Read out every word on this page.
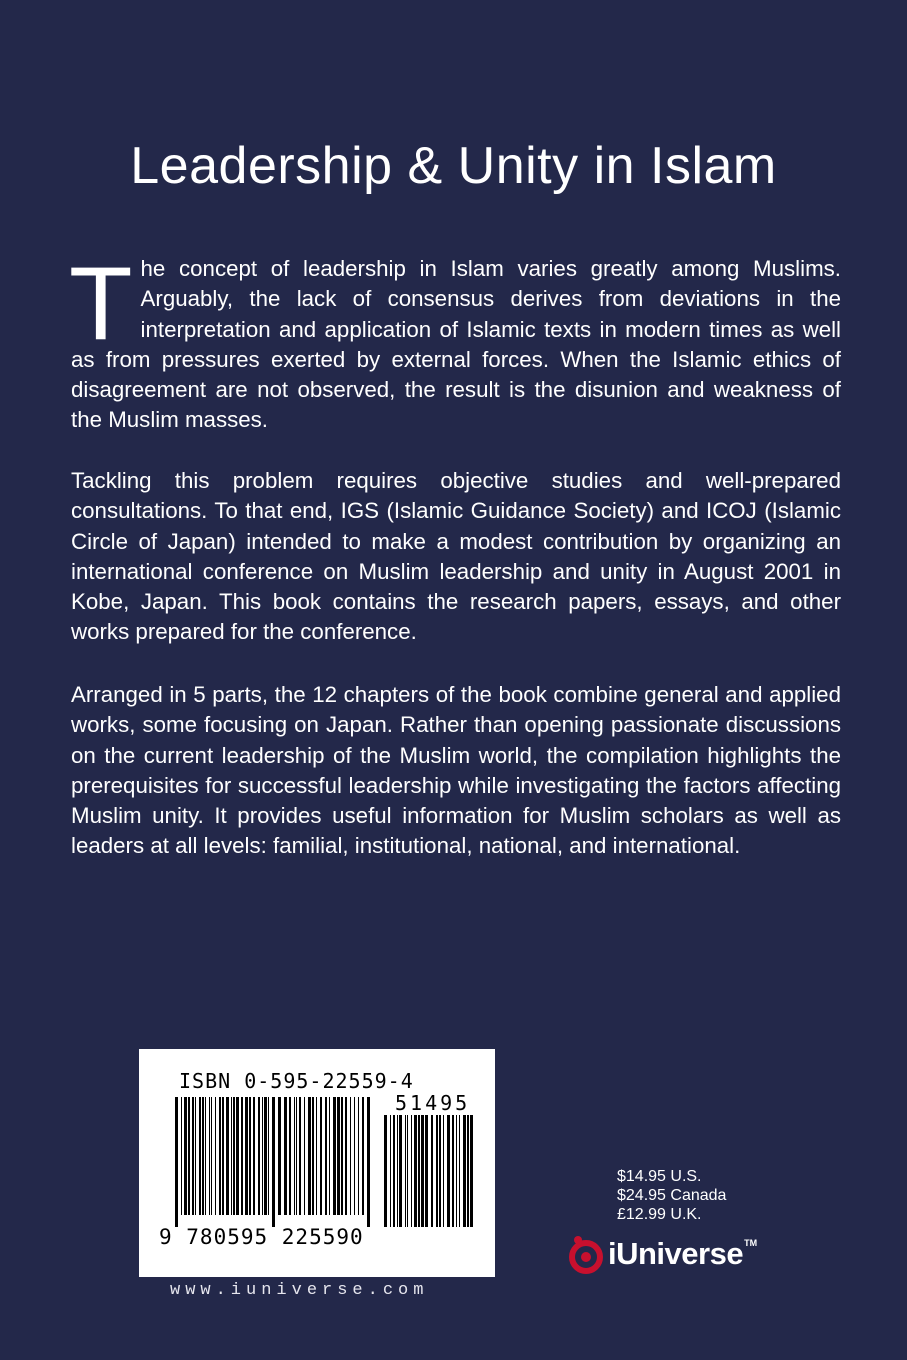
Leadership & Unity in Islam
T he concept of leadership in Islam varies greatly among Muslims. Arguably, the lack of consensus derives from deviations in the interpretation and application of Islamic texts in modern times as well as from pressures exerted by external forces. When the Islamic ethics of disagreement are not observed, the result is the disunion and weakness of the Muslim masses.
Tackling this problem requires objective studies and well-prepared consultations. To that end, IGS (Islamic Guidance Society) and ICOJ (Islamic Circle of Japan) intended to make a modest contribution by organizing an international conference on Muslim leadership and unity in August 2001 in Kobe, Japan. This book contains the research papers, essays, and other works prepared for the conference.
Arranged in 5 parts, the 12 chapters of the book combine general and applied works, some focusing on Japan. Rather than opening passionate discussions on the current leadership of the Muslim world, the compilation highlights the prerequisites for successful leadership while investigating the factors affecting Muslim unity. It provides useful information for Muslim scholars as well as leaders at all levels: familial, institutional, national, and international.
ISBN 0-595-22559-4
51495
9 780595 225590
www.iuniverse.com
$14.95 U.S.
$24.95 Canada
£12.99 U.K.
iUniverse TM
